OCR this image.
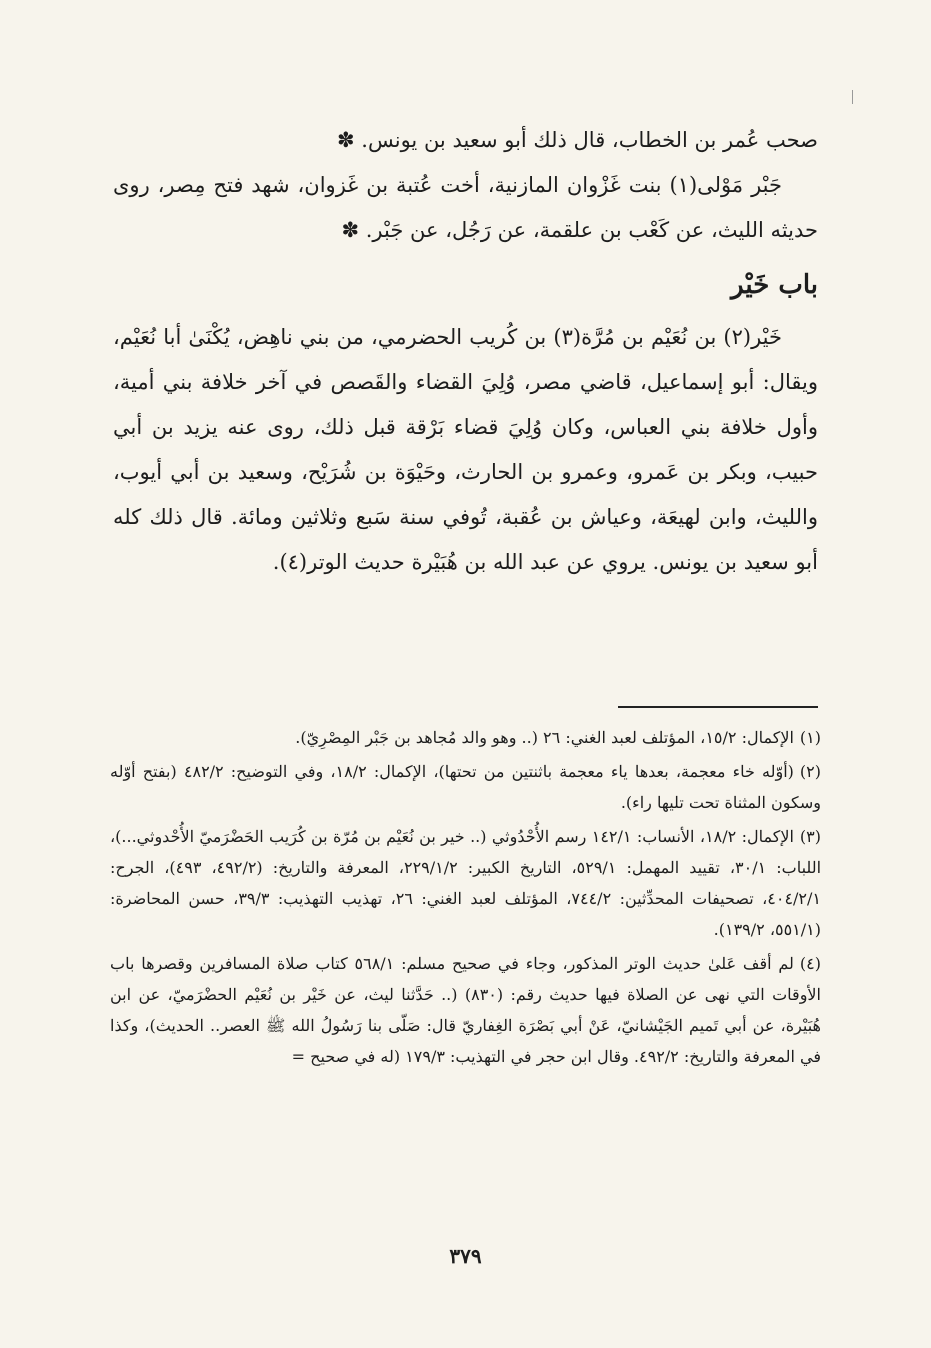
صحب عُمر بن الخطاب، قال ذلك أبو سعيد بن يونس. ✽

جَبْر مَوْلى(١) بنت غَزْوان المازنية، أخت عُتبة بن غَزوان، شهد فتح مِصر، روى حديثه الليث، عن كَعْب بن علقمة، عن رَجُل، عن جَبْر. ✽

باب خَيْر

خَيْر(٢) بن نُعَيْم بن مُرَّة(٣) بن كُريب الحضرمي، من بني ناهِض، يُكْنَىٰ أبا نُعَيْم، ويقال: أبو إسماعيل، قاضي مصر، وُلِيَ القضاء والقَصص في آخر خلافة بني أمية، وأول خلافة بني العباس، وكان وُلِيَ قضاء بَرْقة قبل ذلك، روى عنه يزيد بن أبي حبيب، وبكر بن عَمرو، وعمرو بن الحارث، وحَيْوَة بن شُرَيْح، وسعيد بن أبي أيوب، والليث، وابن لهيعَة، وعياش بن عُقبة، تُوفي سنة سَبع وثلاثين ومائة. قال ذلك كله أبو سعيد بن يونس. يروي عن عبد الله بن هُبَيْرة حديث الوتر(٤).

(١)الإكمال: ١٥/٢، المؤتلف لعبد الغني: ٢٦ (.. وهو والد مُجاهد بن جَبْر المِصْرِيّ).
(٢)(أوّله خاء معجمة، بعدها ياء معجمة باثنتين من تحتها)، الإكمال: ١٨/٢، وفي التوضيح: ٤٨٢/٢ (بفتح أوّله وسكون المثناة تحت تليها راء).
(٣)الإكمال: ١٨/٢، الأنساب: ١٤٢/١ رسم الأُحْدُوثي (.. خير بن نُعَيْم بن مُرّة بن كُرَيب الحَضْرَميّ الأُحْدوثي...)، اللباب: ٣٠/١، تقييد المهمل: ٥٢٩/١، التاريخ الكبير: ٢٢٩/١/٢، المعرفة والتاريخ: (٤٩٢/٢، ٤٩٣)، الجرح: ٤٠٤/٢/١، تصحيفات المحدِّثين: ٧٤٤/٢، المؤتلف لعبد الغني: ٢٦، تهذيب التهذيب: ٣٩/٣، حسن المحاضرة: (٥٥١/١، ١٣٩/٢).
(٤)لم أقف عَلىٰ حديث الوتر المذكور، وجاء في صحيح مسلم: ٥٦٨/١ كتاب صلاة المسافرين وقصرها باب الأوقات التي نهى عن الصلاة فيها حديث رقم: (٨٣٠) (.. حَدَّثنا ليث، عن خَيْر بن نُعَيْم الحضْرَميّ، عن ابن هُبَيْرة، عن أبي تَميم الجَيْشانيّ، عَنْ أبي بَصْرَة الغِفاريّ قال: صَلّى بنا رَسُولُ الله ﷺ العصر.. الحديث)، وكذا في المعرفة والتاريخ: ٤٩٢/٢. وقال ابن حجر في التهذيب: ١٧٩/٣ (له في صحيح =
٣٧٩
